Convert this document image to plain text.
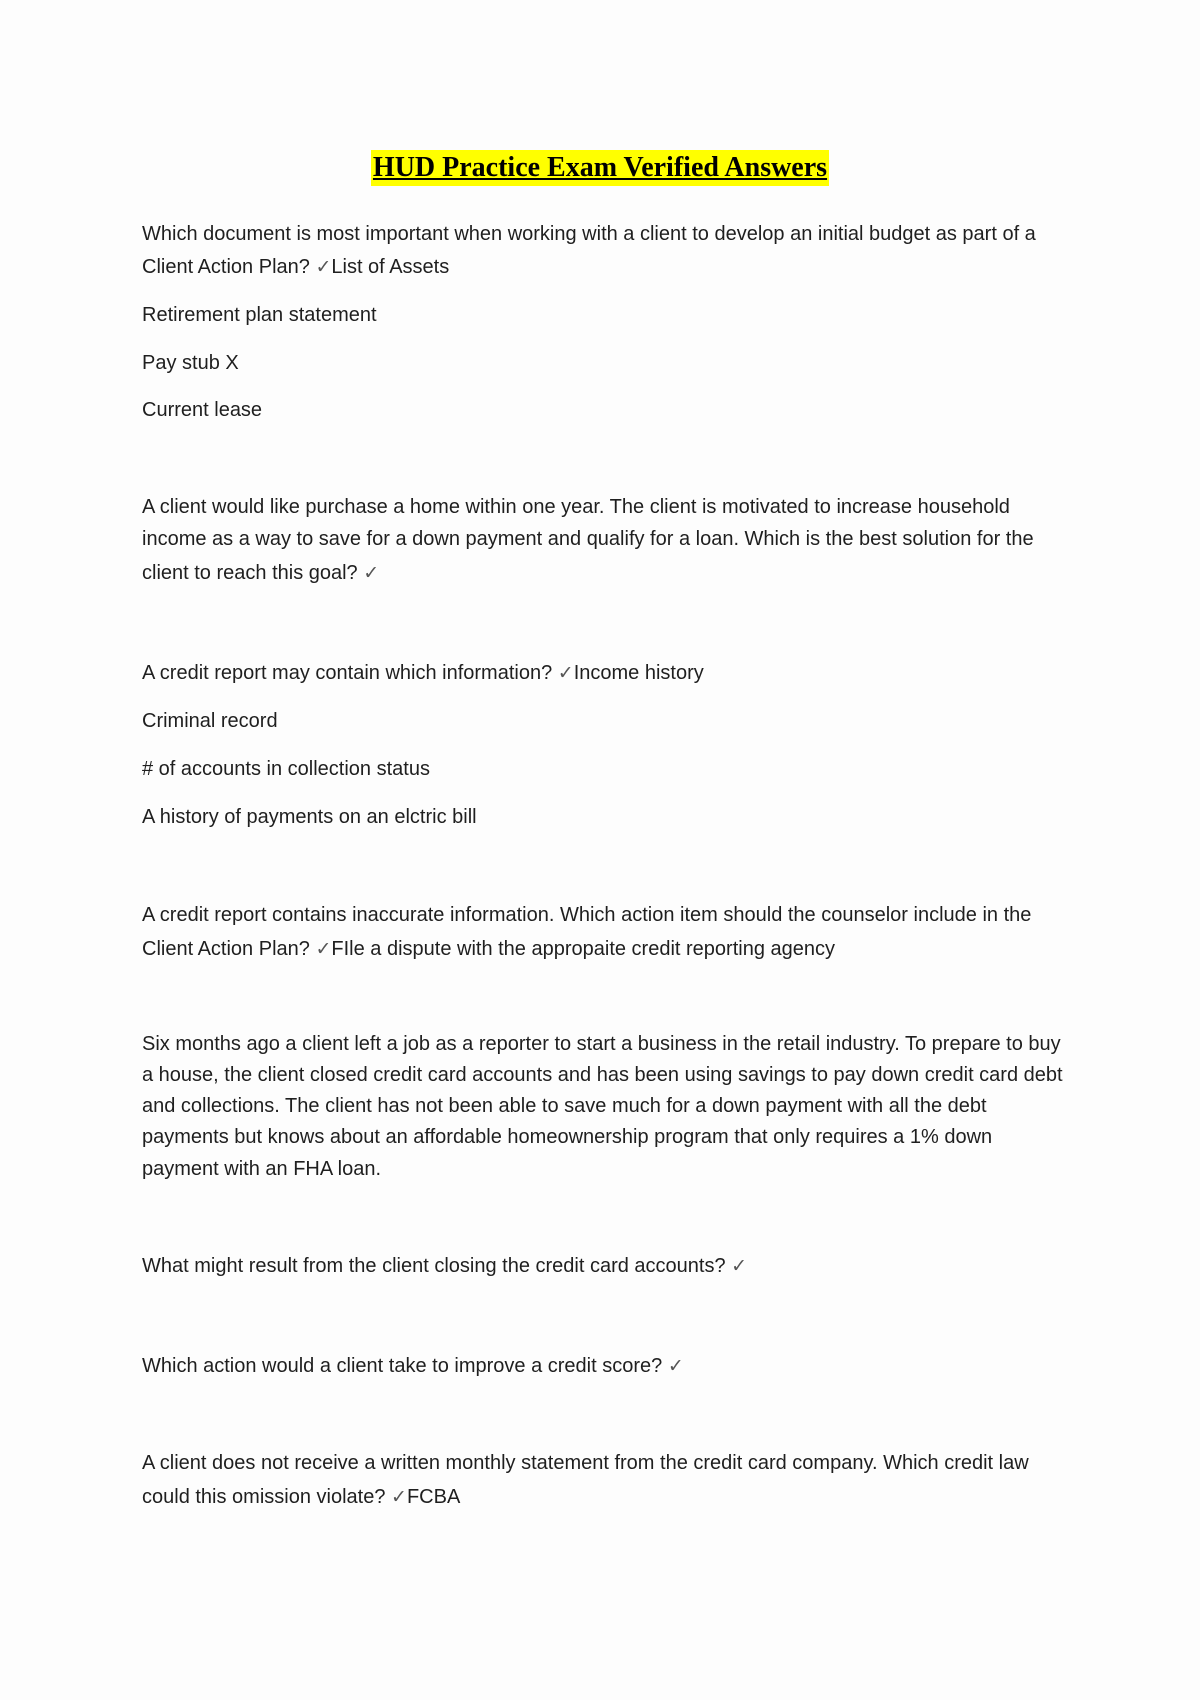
HUD Practice Exam Verified Answers
Which document is most important when working with a client to develop an initial budget as part of a
Client Action Plan? ✓List of Assets
Retirement plan statement
Pay stub X
Current lease
A client would like purchase a home within one year. The client is motivated to increase household
income as a way to save for a down payment and qualify for a loan. Which is the best solution for the
client to reach this goal? ✓
A credit report may contain which information? ✓Income history
Criminal record
# of accounts in collection status
A history of payments on an elctric bill
A credit report contains inaccurate information. Which action item should the counselor include in the
Client Action Plan? ✓FIle a dispute with the appropaite credit reporting agency
Six months ago a client left a job as a reporter to start a business in the retail industry. To prepare to buy
a house, the client closed credit card accounts and has been using savings to pay down credit card debt
and collections. The client has not been able to save much for a down payment with all the debt
payments but knows about an affordable homeownership program that only requires a 1% down
payment with an FHA loan.
What might result from the client closing the credit card accounts? ✓
Which action would a client take to improve a credit score? ✓
A client does not receive a written monthly statement from the credit card company. Which credit law
could this omission violate? ✓FCBA
